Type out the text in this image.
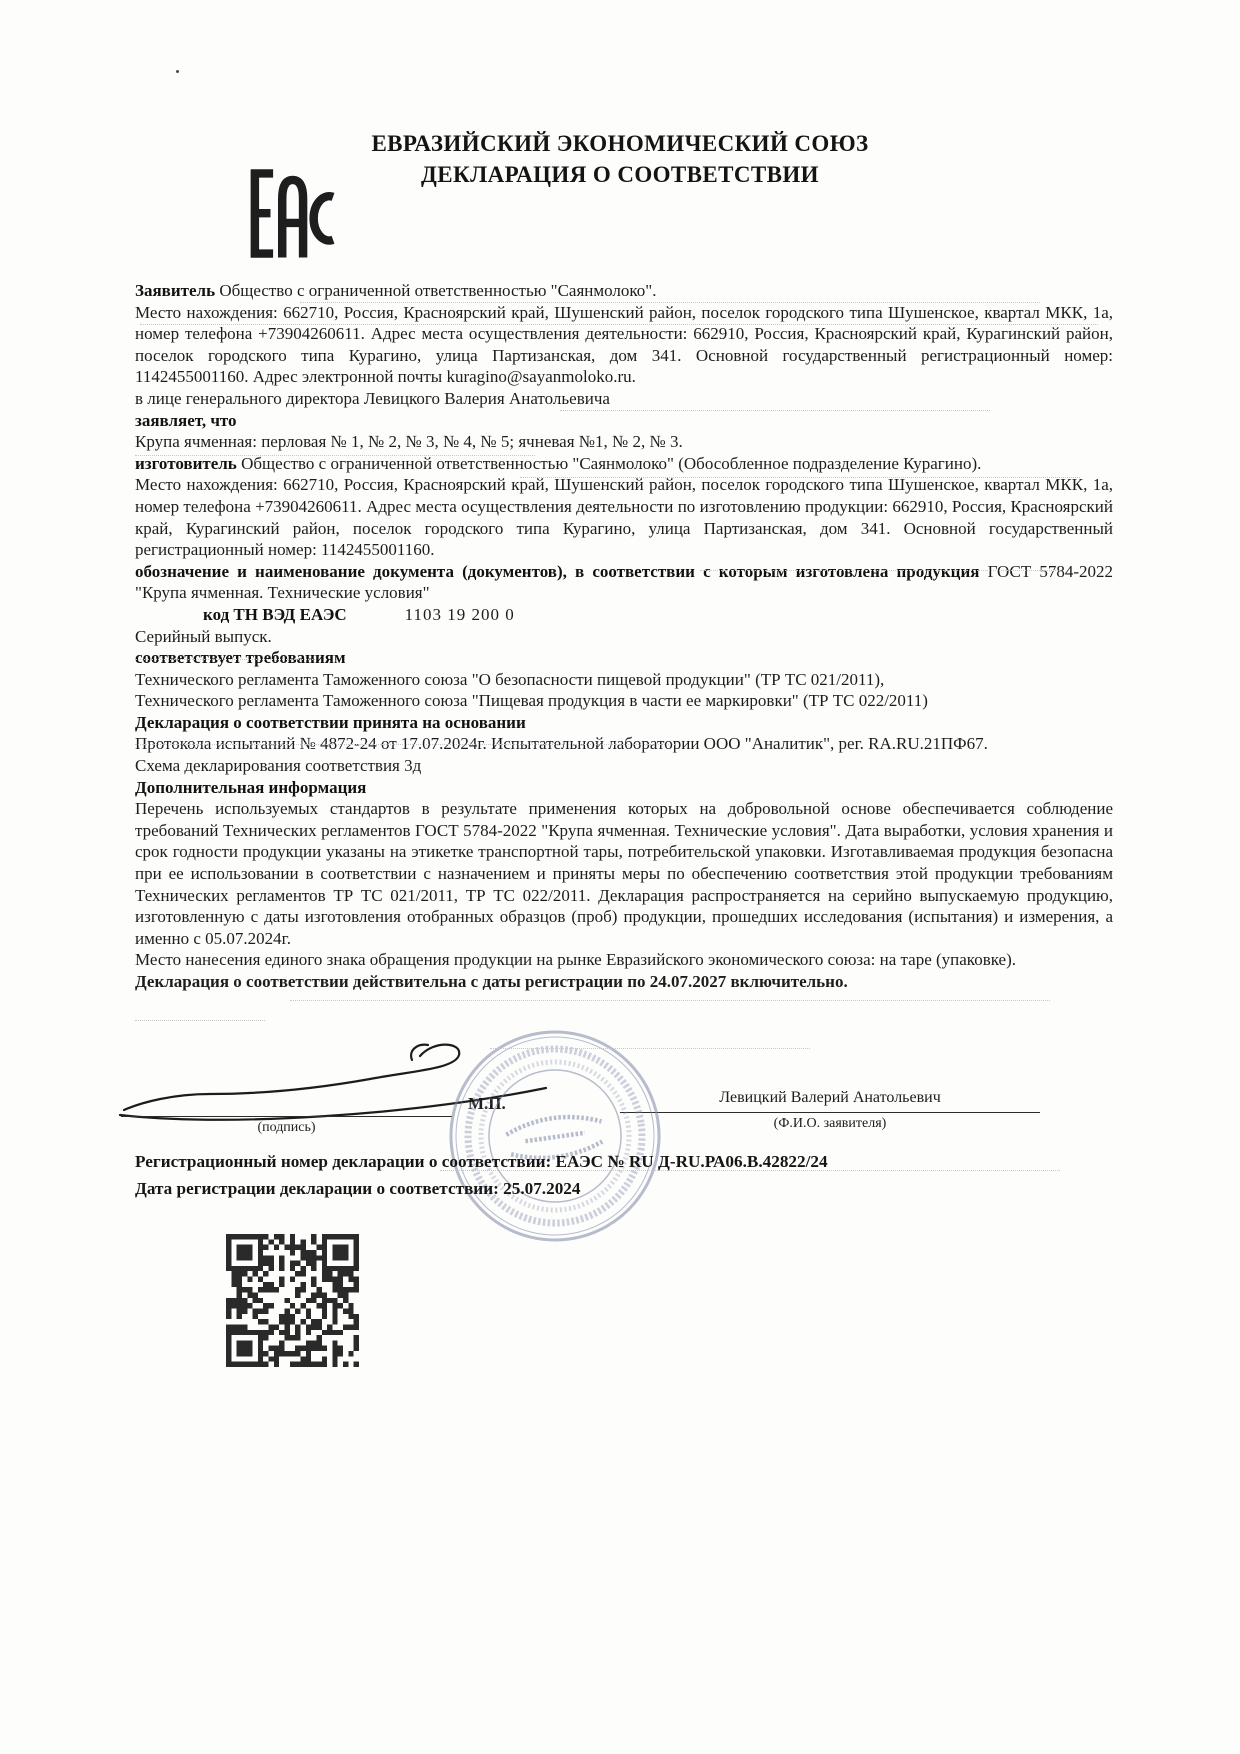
ЕВРАЗИЙСКИЙ ЭКОНОМИЧЕСКИЙ СОЮЗ
ДЕКЛАРАЦИЯ О СООТВЕТСТВИИ

Заявитель Общество с ограниченной ответственностью "Саянмолоко".

Место нахождения: 662710, Россия, Красноярский край, Шушенский район, поселок городского типа Шушенское, квартал МКК, 1а, номер телефона +73904260611. Адрес места осуществления деятельности: 662910, Россия, Красноярский край, Курагинский район, поселок городского типа Курагино, улица Партизанская, дом 341. Основной государственный регистрационный номер: 1142455001160. Адрес электронной почты kuragino@sayanmoloko.ru.

в лице генерального директора Левицкого Валерия Анатольевича

заявляет, что

Крупа ячменная: перловая № 1, № 2, № 3, № 4, № 5; ячневая №1, № 2, № 3.

изготовитель Общество с ограниченной ответственностью "Саянмолоко" (Обособленное подразделение Курагино).

Место нахождения: 662710, Россия, Красноярский край, Шушенский район, поселок городского типа Шушенское, квартал МКК, 1а, номер телефона +73904260611. Адрес места осуществления деятельности по изготовлению продукции: 662910, Россия, Красноярский край, Курагинский район, поселок городского типа Курагино, улица Партизанская, дом 341. Основной государственный регистрационный номер: 1142455001160.

обозначение и наименование документа (документов), в соответствии с которым изготовлена продукция ГОСТ 5784-2022 "Крупа ячменная. Технические условия"

код ТН ВЭД ЕАЭС	1103 19 200 0

Серийный выпуск.

соответствует требованиям

Технического регламента Таможенного союза "О безопасности пищевой продукции" (ТР ТС 021/2011),

Технического регламента Таможенного союза "Пищевая продукция в части ее маркировки" (ТР ТС 022/2011)

Декларация о соответствии принята на основании

Протокола испытаний № 4872-24 от 17.07.2024г. Испытательной лаборатории ООО "Аналитик", рег. RA.RU.21ПФ67.

Схема декларирования соответствия 3д

Дополнительная информация

Перечень используемых стандартов в результате применения которых на добровольной основе обеспечивается соблюдение требований Технических регламентов ГОСТ 5784-2022 "Крупа ячменная. Технические условия". Дата выработки, условия хранения и срок годности продукции указаны на этикетке транспортной тары, потребительской упаковки. Изготавливаемая продукция безопасна при ее использовании в соответствии с назначением и приняты меры по обеспечению соответствия этой продукции требованиям Технических регламентов ТР ТС 021/2011, ТР ТС 022/2011. Декларация распространяется на серийно выпускаемую продукцию, изготовленную с даты изготовления отобранных образцов (проб) продукции, прошедших исследования (испытания) и измерения, а именно с 05.07.2024г.

Место нанесения единого знака обращения продукции на рынке Евразийского экономического союза: на таре (упаковке).

Декларация о соответствии действительна с даты регистрации по 24.07.2027 включительно.

(подпись)
М.П.	Левицкий Валерий Анатольевич
(Ф.И.О. заявителя)
Регистрационный номер декларации о соответствии: ЕАЭС № RU Д-RU.РА06.В.42822/24
Дата регистрации декларации о соответствии: 25.07.2024
